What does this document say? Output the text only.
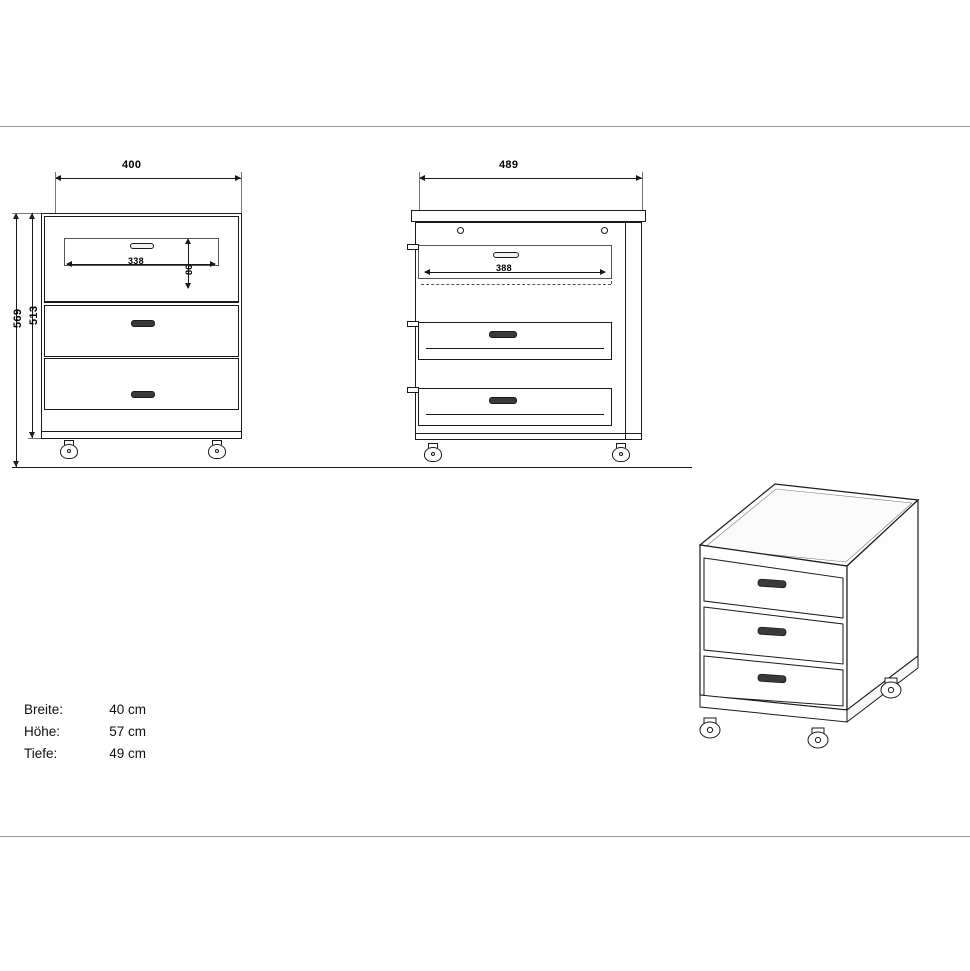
400
569 513
338
86
489
388
Breite:	40 cm
Höhe:	57 cm
Tiefe:	49 cm
